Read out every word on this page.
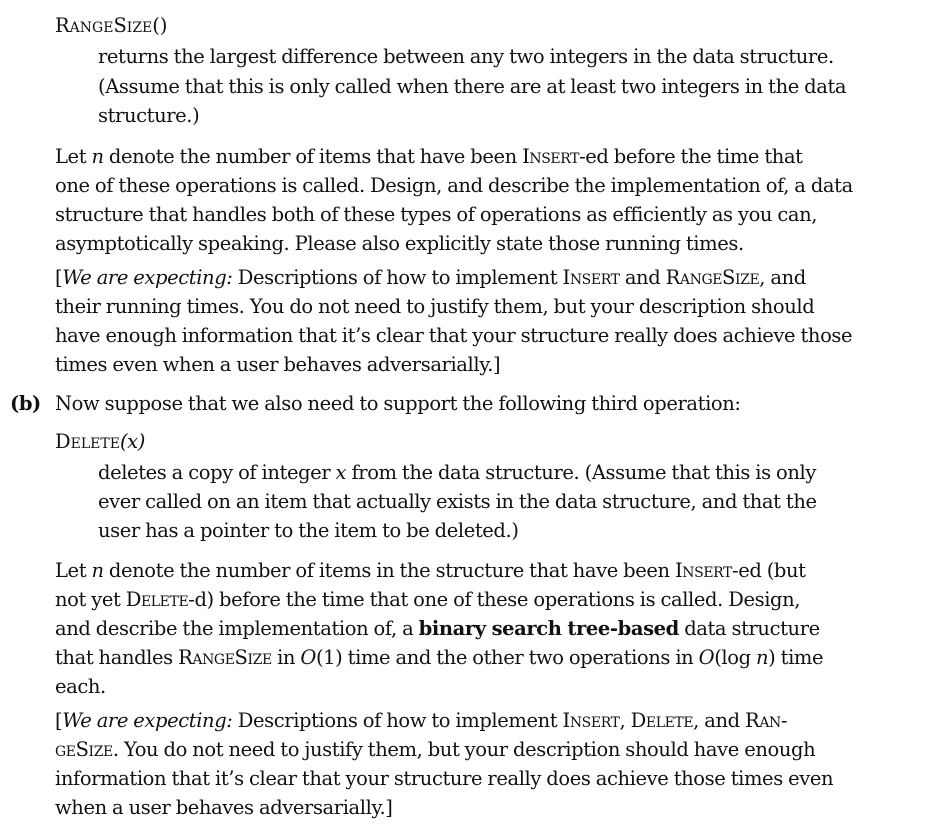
RangeSize()
returns the largest difference between any two integers in the data structure.
(Assume that this is only called when there are at least two integers in the data
structure.)
Let n denote the number of items that have been Insert-ed before the time that
one of these operations is called. Design, and describe the implementation of, a data
structure that handles both of these types of operations as efficiently as you can,
asymptotically speaking. Please also explicitly state those running times.
[We are expecting: Descriptions of how to implement Insert and RangeSize, and
their running times. You do not need to justify them, but your description should
have enough information that it’s clear that your structure really does achieve those
times even when a user behaves adversarially.]
(b) Now suppose that we also need to support the following third operation:
Delete(x)
deletes a copy of integer x from the data structure. (Assume that this is only
ever called on an item that actually exists in the data structure, and that the
user has a pointer to the item to be deleted.)
Let n denote the number of items in the structure that have been Insert-ed (but
not yet Delete-d) before the time that one of these operations is called. Design,
and describe the implementation of, a binary search tree-based data structure
that handles RangeSize in O(1) time and the other two operations in O(log n) time
each.
[We are expecting: Descriptions of how to implement Insert, Delete, and Ran-
geSize. You do not need to justify them, but your description should have enough
information that it’s clear that your structure really does achieve those times even
when a user behaves adversarially.]
